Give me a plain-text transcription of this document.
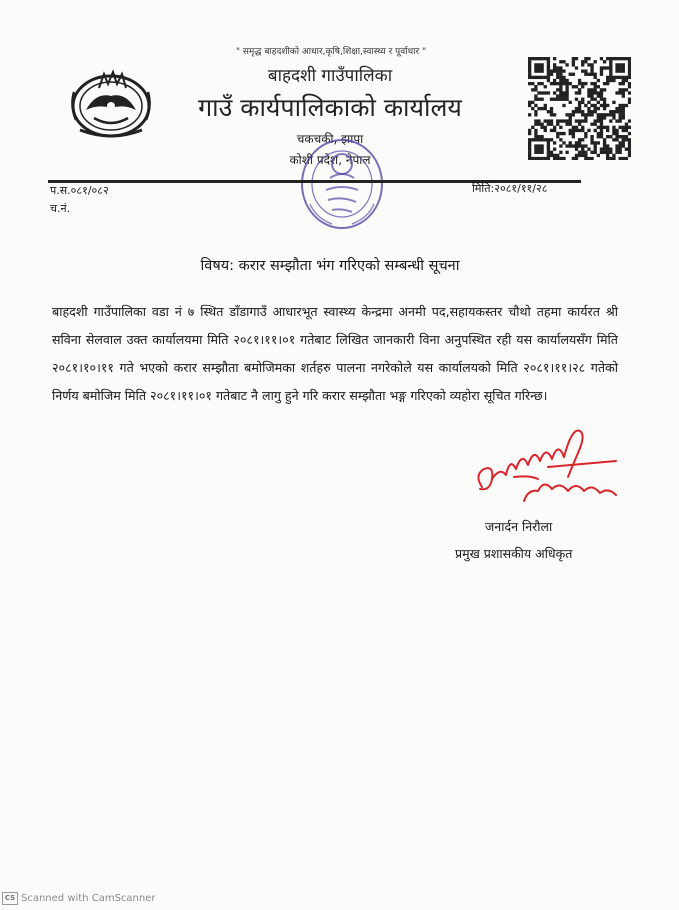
" समृद्ध बाहदशीको आधार,कृषि,शिक्षा,स्वास्थ्य र पूर्वाधार "
बाहदशी गाउँपालिका
गाउँ कार्यपालिकाको कार्यालय
चकचकी, झापा
कोशी प्रदेश, नेपाल
प.स.०८१/०८२
च.नं.
मिति:२०८१/११/२८
विषय: करार सम्झौता भंग गरिएको सम्बन्धी सूचना
बाहदशी गाउँपालिका वडा नं ७ स्थित डाँडागाउँ आधारभूत स्वास्थ्य केन्द्रमा अनमी पद,सहायकस्तर चौथो तहमा कार्यरत श्री सविना सेलवाल उक्त कार्यालयमा मिति २०८१।११।०१ गतेबाट लिखित जानकारी विना अनुपस्थित रही यस कार्यालयसँग मिति २०८१।१०।११ गते भएको करार सम्झौता बमोजिमका शर्तहरु पालना नगरेकोले यस कार्यालयको मिति २०८१।११।२८ गतेको निर्णय बमोजिम मिति २०८१।११।०१ गतेबाट नै लागु हुने गरि करार सम्झौता भङ्ग गरिएको व्यहोरा सूचित गरिन्छ।
जनार्दन निरौला
प्रमुख प्रशासकीय अधिकृत
CS Scanned with CamScanner
